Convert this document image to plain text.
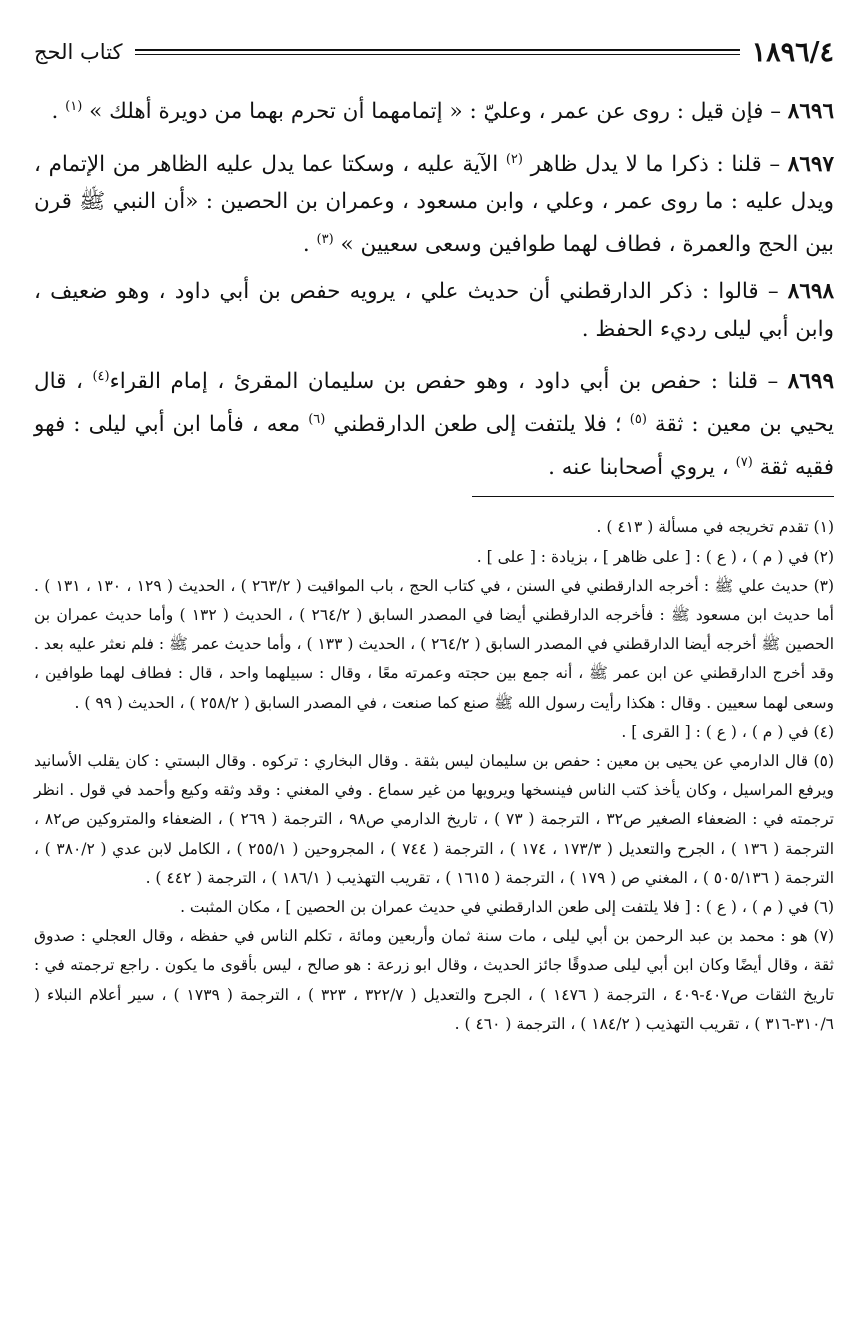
١٨٩٦/٤
كتاب الحج

٨٦٩٦ – فإن قيل : روى عن عمر ، وعليّ : « إتمامهما أن تحرم بهما من دويرة أهلك » $^{(١)}$ .

٨٦٩٧ – قلنا : ذكرا ما لا يدل ظاهر $^{(٢)}$ الآية عليه ، وسكتا عما يدل عليه الظاهر من الإتمام ، ويدل عليه : ما روى عمر ، وعلي ، وابن مسعود ، وعمران بن الحصين : «أن النبي ﷺ قرن بين الحج والعمرة ، فطاف لهما طوافين وسعى سعيين » $^{(٣)}$ .

٨٦٩٨ – قالوا : ذكر الدارقطني أن حديث علي ، يرويه حفص بن أبي داود ، وهو ضعيف ، وابن أبي ليلى رديء الحفظ .

٨٦٩٩ – قلنا : حفص بن أبي داود ، وهو حفص بن سليمان المقرئ ، إمام القراء$^{(٤)}$ ، قال يحيي بن معين : ثقة $^{(٥)}$ ؛ فلا يلتفت إلى طعن الدارقطني $^{(٦)}$ معه ، فأما ابن أبي ليلى : فهو فقيه ثقة $^{(٧)}$ ، يروي أصحابنا عنه .

(١) تقدم تخريجه في مسألة ( ٤١٣ ) .

(٢) في ( م ) ، ( ع ) : [ على ظاهر ] ، بزيادة : [ على ] .

(٣) حديث علي ﷺ : أخرجه الدارقطني في السنن ، في كتاب الحج ، باب المواقيت ( ٢٦٣/٢ ) ، الحديث ( ١٢٩ ، ١٣٠ ، ١٣١ ) . أما حديث ابن مسعود ﷺ : فأخرجه الدارقطني أيضا في المصدر السابق ( ٢٦٤/٢ ) ، الحديث ( ١٣٢ ) وأما حديث عمران بن الحصين ﷺ أخرجه أيضا الدارقطني في المصدر السابق ( ٢٦٤/٢ ) ، الحديث ( ١٣٣ ) ، وأما حديث عمر ﷺ : فلم نعثر عليه بعد . وقد أخرج الدارقطني عن ابن عمر ﷺ ، أنه جمع بين حجته وعمرته معًا ، وقال : سبيلهما واحد ، قال : فطاف لهما طوافين ، وسعى لهما سعيين . وقال : هكذا رأيت رسول الله ﷺ صنع كما صنعت ، في المصدر السابق ( ٢٥٨/٢ ) ، الحديث ( ٩٩ ) .

(٤) في ( م ) ، ( ع ) : [ القرى ] .

(٥) قال الدارمي عن يحيى بن معين : حفص بن سليمان ليس بثقة . وقال البخاري : تركوه . وقال البستي : كان يقلب الأسانيد ويرفع المراسيل ، وكان يأخذ كتب الناس فينسخها ويرويها من غير سماع . وفي المغني : وقد وثقه وكيع وأحمد في قول . انظر ترجمته في : الضعفاء الصغير ص٣٢ ، الترجمة ( ٧٣ ) ، تاريخ الدارمي ص٩٨ ، الترجمة ( ٢٦٩ ) ، الضعفاء والمتروكين ص٨٢ ، الترجمة ( ١٣٦ ) ، الجرح والتعديل ( ١٧٣/٣ ، ١٧٤ ) ، الترجمة ( ٧٤٤ ) ، المجروحين ( ٢٥٥/١ ) ، الكامل لابن عدي ( ٣٨٠/٢ ) ، الترجمة ( ٥٠٥/١٣٦ ) ، المغني ص ( ١٧٩ ) ، الترجمة ( ١٦١٥ ) ، تقريب التهذيب ( ١٨٦/١ ) ، الترجمة ( ٤٤٢ ) .

(٦) في ( م ) ، ( ع ) : [ فلا يلتفت إلى طعن الدارقطني في حديث عمران بن الحصين ] ، مكان المثبت .

(٧) هو : محمد بن عبد الرحمن بن أبي ليلى ، مات سنة ثمان وأربعين ومائة ، تكلم الناس في حفظه ، وقال العجلي : صدوق ثقة ، وقال أيضًا وكان ابن أبي ليلى صدوقًا جائز الحديث ، وقال ابو زرعة : هو صالح ، ليس بأقوى ما يكون . راجع ترجمته في : تاريخ الثقات ص٤٠٧-٤٠٩ ، الترجمة ( ١٤٧٦ ) ، الجرح والتعديل ( ٣٢٢/٧ ، ٣٢٣ ) ، الترجمة ( ١٧٣٩ ) ، سير أعلام النبلاء ( ٣١٠/٦-٣١٦ ) ، تقريب التهذيب ( ١٨٤/٢ ) ، الترجمة ( ٤٦٠ ) .
